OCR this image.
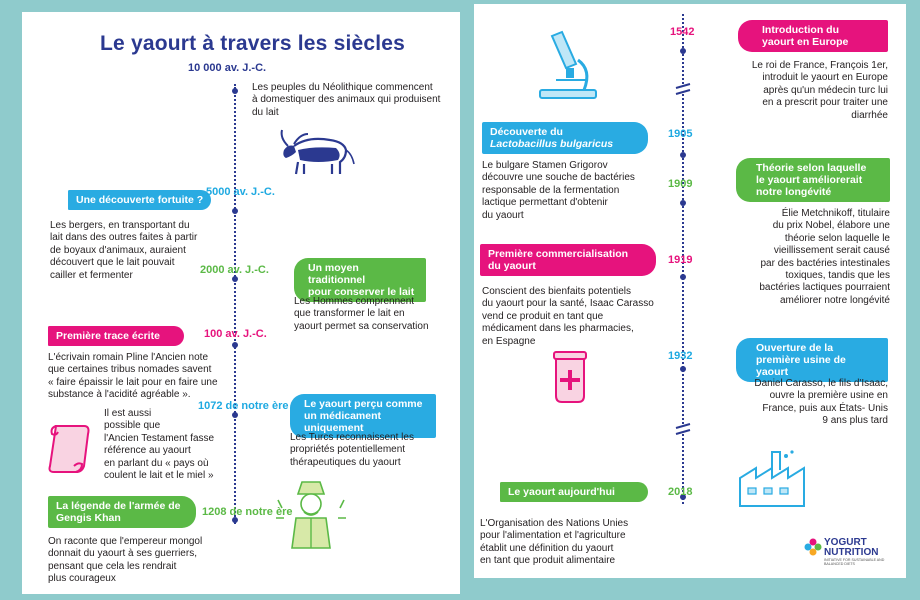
Le yaourt à travers les siècles
10 000 av. J.-C.
Les peuples du Néolithique commencent
à domestiquer des animaux qui produisent
du lait
Une découverte fortuite ?
5000 av. J.-C.
Les bergers, en transportant du
lait dans des outres faites à partir
de boyaux d'animaux, auraient
découvert que le lait pouvait
cailler et fermenter	2000 av. J.-C.	Un moyen traditionnel
pour conserver le lait
Les Hommes comprennent
que transformer le lait en
yaourt permet sa conservation
Première trace écrite	100 av. J.-C.
L'écrivain romain Pline l'Ancien note
que certaines tribus nomades savent
« faire épaissir le lait pour en faire une
substance à l'acidité agréable ».
Il est aussi
possible que
l'Ancien Testament fasse
référence au yaourt
en parlant du « pays où
coulent le lait et le miel »
1072 de notre ère Le yaourt perçu comme
un médicament uniquement
Les Turcs reconnaissent les
propriétés potentiellement
thérapeutiques du yaourt
La légende de l'armée de
Gengis Khan	1208 de notre ère
On raconte que l'empereur mongol
donnait du yaourt à ses guerriers,
pensant que cela les rendrait
plus courageux
1542	Introduction du
yaourt en Europe
Le roi de France, François 1er,
introduit le yaourt en Europe
après qu'un médecin turc lui
en a prescrit pour traiter une
diarrhée
Découverte du
Lactobacillus bulgaricus
1905
Le bulgare Stamen Grigorov
découvre une souche de bactéries
responsable de la fermentation
lactique permettant d'obtenir
du yaourt
1909
Théorie selon laquelle
le yaourt améliorerait
notre longévité
Élie Metchnikoff, titulaire
du prix Nobel, élabore une
théorie selon laquelle le
vieillissement serait causé
par des bactéries intestinales
toxiques, tandis que les
bactéries lactiques pourraient
améliorer notre longévité
Première commercialisation
du yaourt	1919
Conscient des bienfaits potentiels
du yaourt pour la santé, Isaac Carasso
vend ce produit en tant que
médicament dans les pharmacies,
en Espagne
1932
Ouverture de la
première usine de yaourt
Daniel Carasso, le fils d'Isaac,
ouvre la première usine en
France, puis aux États- Unis
9 ans plus tard
Le yaourt aujourd'hui	2018
L'Organisation des Nations Unies
pour l'alimentation et l'agriculture
établit une définition du yaourt
en tant que produit alimentaire
YOGURT
NUTRITION
INITIATIVE FOR SUSTAINABLE AND BALANCED DIETS
